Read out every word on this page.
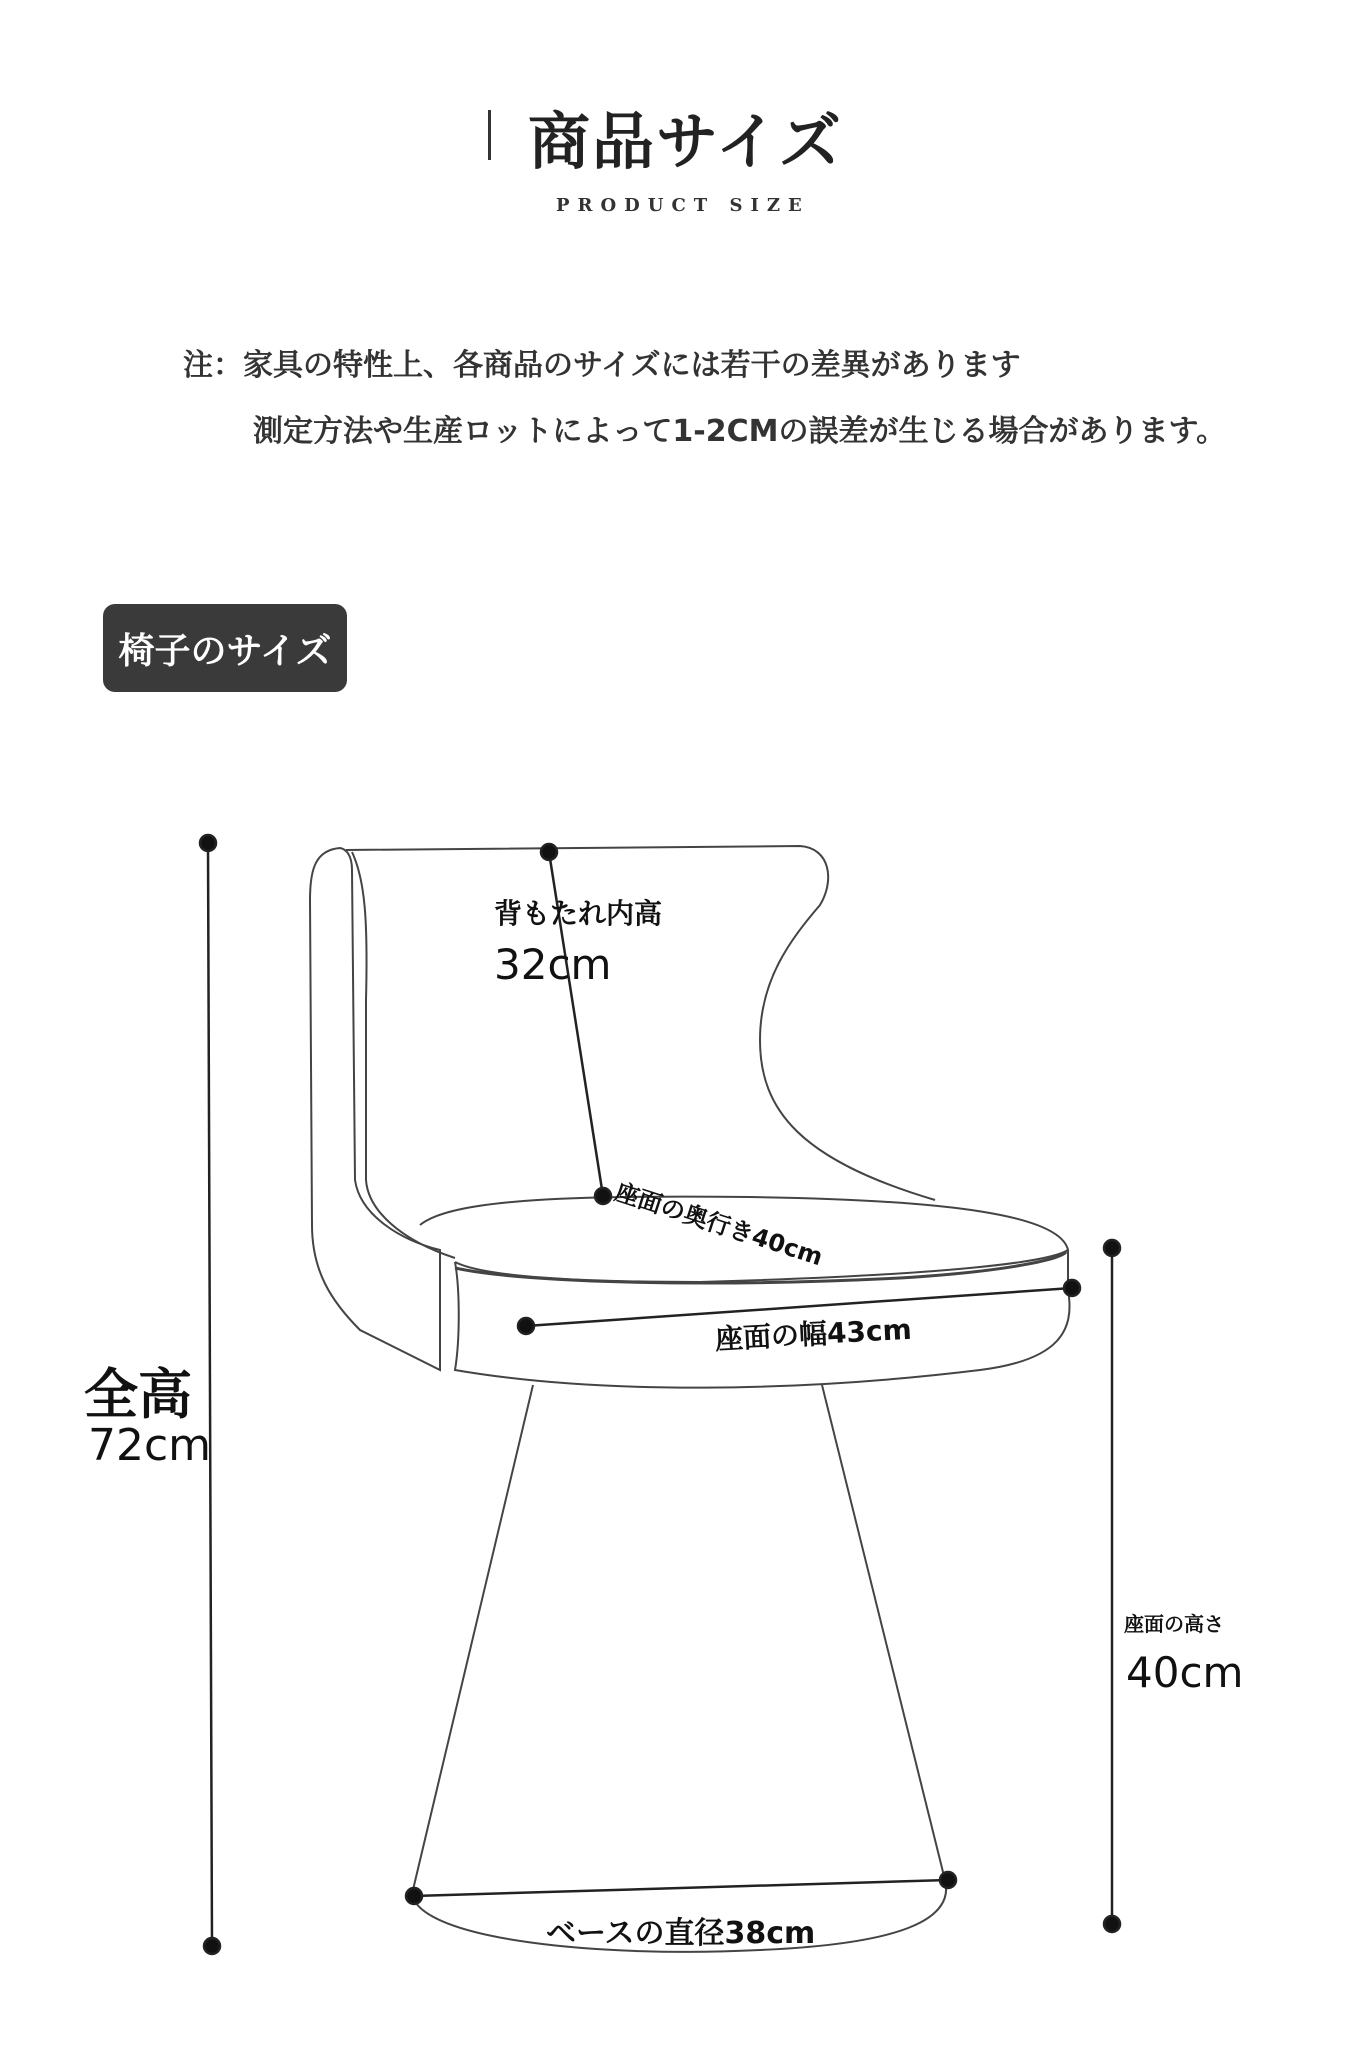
商品サイズ
PRODUCT SIZE
注：家具の特性上、各商品のサイズには若干の差異があります
測定方法や生産ロットによって1-2CMの誤差が生じる場合があります。
椅子のサイズ
全高
72cm
背もたれ内高
32cm
座面の奥行き40cm
座面の幅43cm
座面の高さ
40cm
ベースの直径38cm
